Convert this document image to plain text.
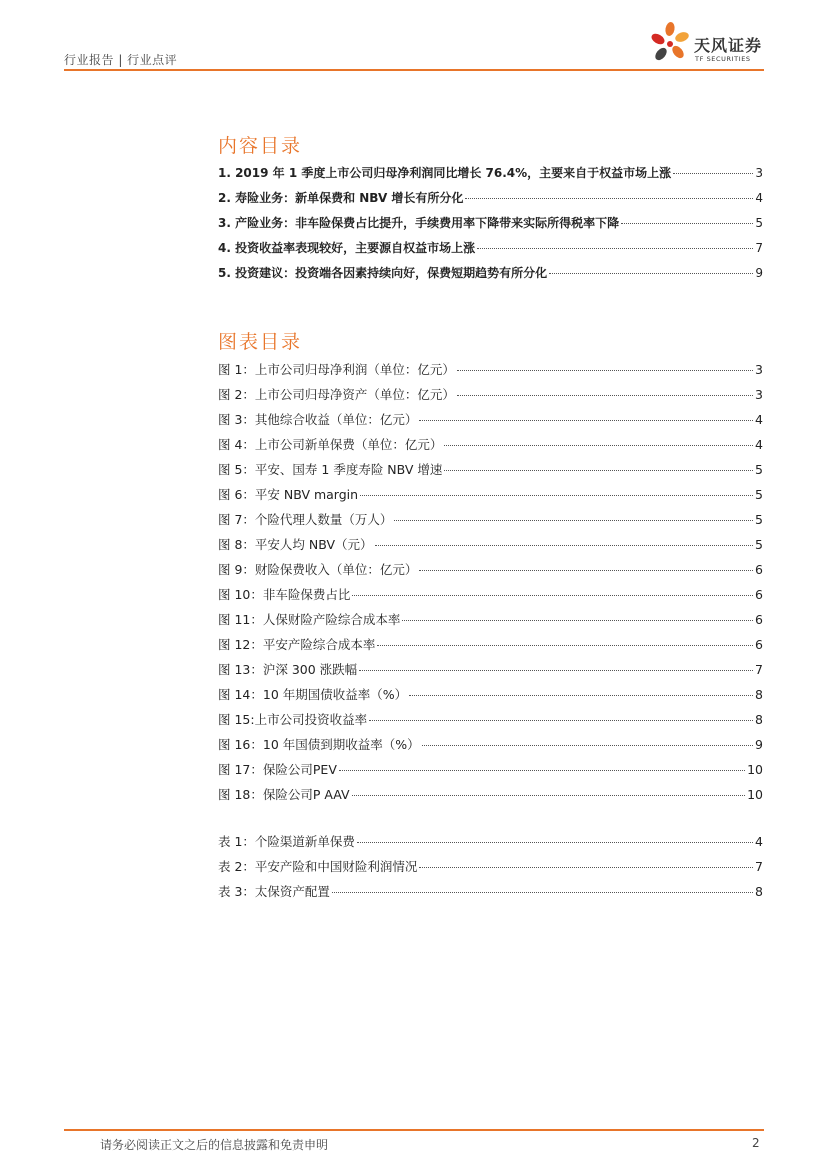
行业报告 | 行业点评
天风证券
TF SECURITIES
内容目录
1. 2019 年 1 季度上市公司归母净利润同比增长 76.4%，主要来自于权益市场上涨	3
2. 寿险业务：新单保费和 NBV 增长有所分化	4
3. 产险业务：非车险保费占比提升，手续费用率下降带来实际所得税率下降	5
4. 投资收益率表现较好，主要源自权益市场上涨	7
5. 投资建议：投资端各因素持续向好，保费短期趋势有所分化	9
图表目录
图 1：上市公司归母净利润（单位：亿元）	3
图 2：上市公司归母净资产（单位：亿元）	3
图 3：其他综合收益（单位：亿元）	4
图 4：上市公司新单保费（单位：亿元）	4
图 5：平安、国寿 1 季度寿险 NBV 增速	5
图 6：平安 NBV margin	5
图 7：个险代理人数量（万人）	5
图 8：平安人均 NBV（元）	5
图 9：财险保费收入（单位：亿元）	6
图 10：非车险保费占比	6
图 11：人保财险产险综合成本率	6
图 12：平安产险综合成本率	6
图 13：沪深 300 涨跌幅	7
图 14：10 年期国债收益率（%）	8
图 15:上市公司投资收益率	8
图 16：10 年国债到期收益率（%）	9
图 17：保险公司PEV	10
图 18：保险公司P AAV	10
表 1：个险渠道新单保费	4
表 2：平安产险和中国财险利润情况	7
表 3：太保资产配置	8
请务必阅读正文之后的信息披露和免责申明	2
